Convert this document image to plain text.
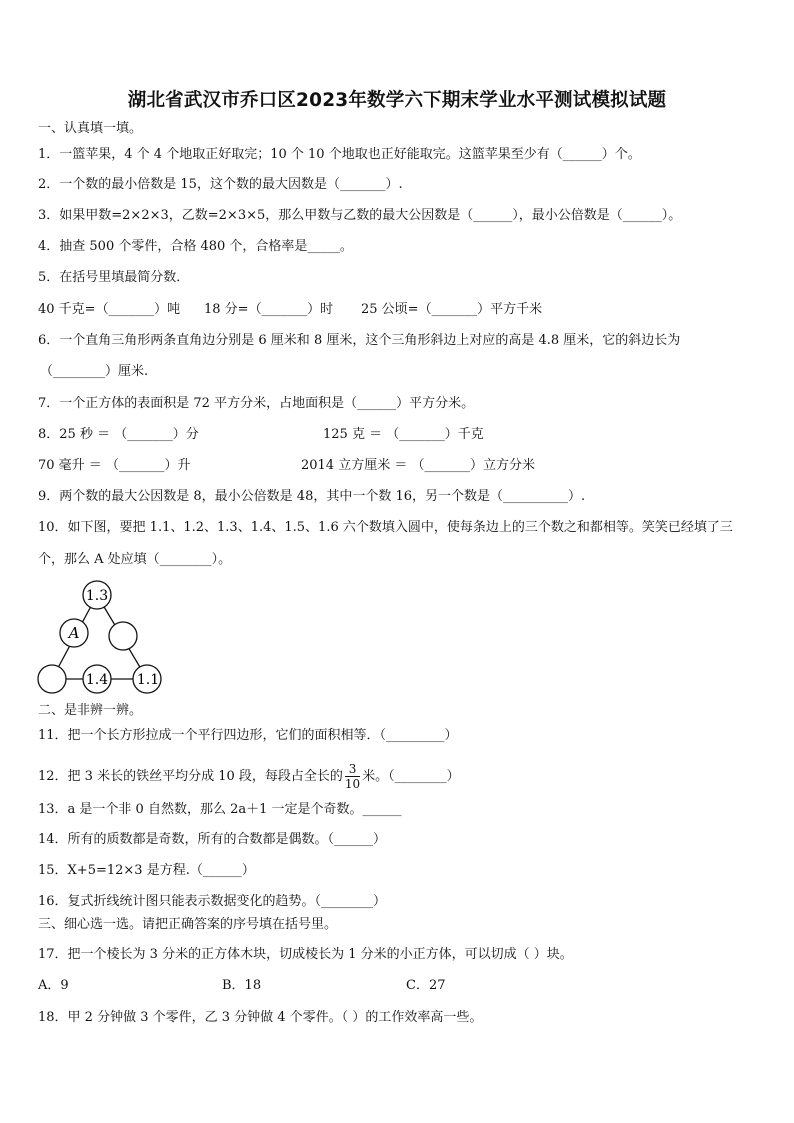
湖北省武汉市乔口区2023年数学六下期末学业水平测试模拟试题
一、认真填一填。
1．一篮苹果，4 个 4 个地取正好取完；10 个 10 个地取也正好能取完。这篮苹果至少有（______）个。
2．一个数的最小倍数是 15，这个数的最大因数是（_______）.
3．如果甲数=2×2×3，乙数=2×3×5，那么甲数与乙数的最大公因数是（______），最小公倍数是（______）。
4．抽查 500 个零件，合格 480 个，合格率是_____。
5．在括号里填最简分数．
40 千克=（_______）吨 18 分=（_______）时 25 公顷=（_______）平方千米
6．一个直角三角形两条直角边分别是 6 厘米和 8 厘米，这个三角形斜边上对应的高是 4.8 厘米，它的斜边长为
（________）厘米.
7．一个正方体的表面积是 72 平方分米，占地面积是（______）平方分米。
8．25 秒 ＝ （_______）分	125 克 ＝ （_______）千克
70 毫升 ＝ （_______）升	2014 立方厘米 ＝ （_______）立方分米
9．两个数的最大公因数是 8，最小公倍数是 48，其中一个数 16，另一个数是（__________）.
10．如下图，要把 1.1、1.2、1.3、1.4、1.5、1.6 六个数填入圆中，使每条边上的三个数之和都相等。笑笑已经填了三
个，那么 A 处应填（________）。
1.3
A
1.4 1.1
二、是非辨一辨。
11．把一个长方形拉成一个平行四边形，它们的面积相等．（_________）
12．把 3 米长的铁丝平均分成 10 段，每段占全长的 $\frac{3}{10}$ 米。（________）
13．a 是一个非 0 自然数，那么 2a＋1 一定是个奇数。______
14．所有的质数都是奇数，所有的合数都是偶数。（______）
15．X+5=12×3 是方程.（______）
16．复式折线统计图只能表示数据变化的趋势。（________）
三、细心选一选。请把正确答案的序号填在括号里。
17．把一个棱长为 3 分米的正方体木块，切成棱长为 1 分米的小正方体，可以切成（ ）块。
A．9	B．18	C．27
18．甲 2 分钟做 3 个零件，乙 3 分钟做 4 个零件。（ ）的工作效率高一些。
